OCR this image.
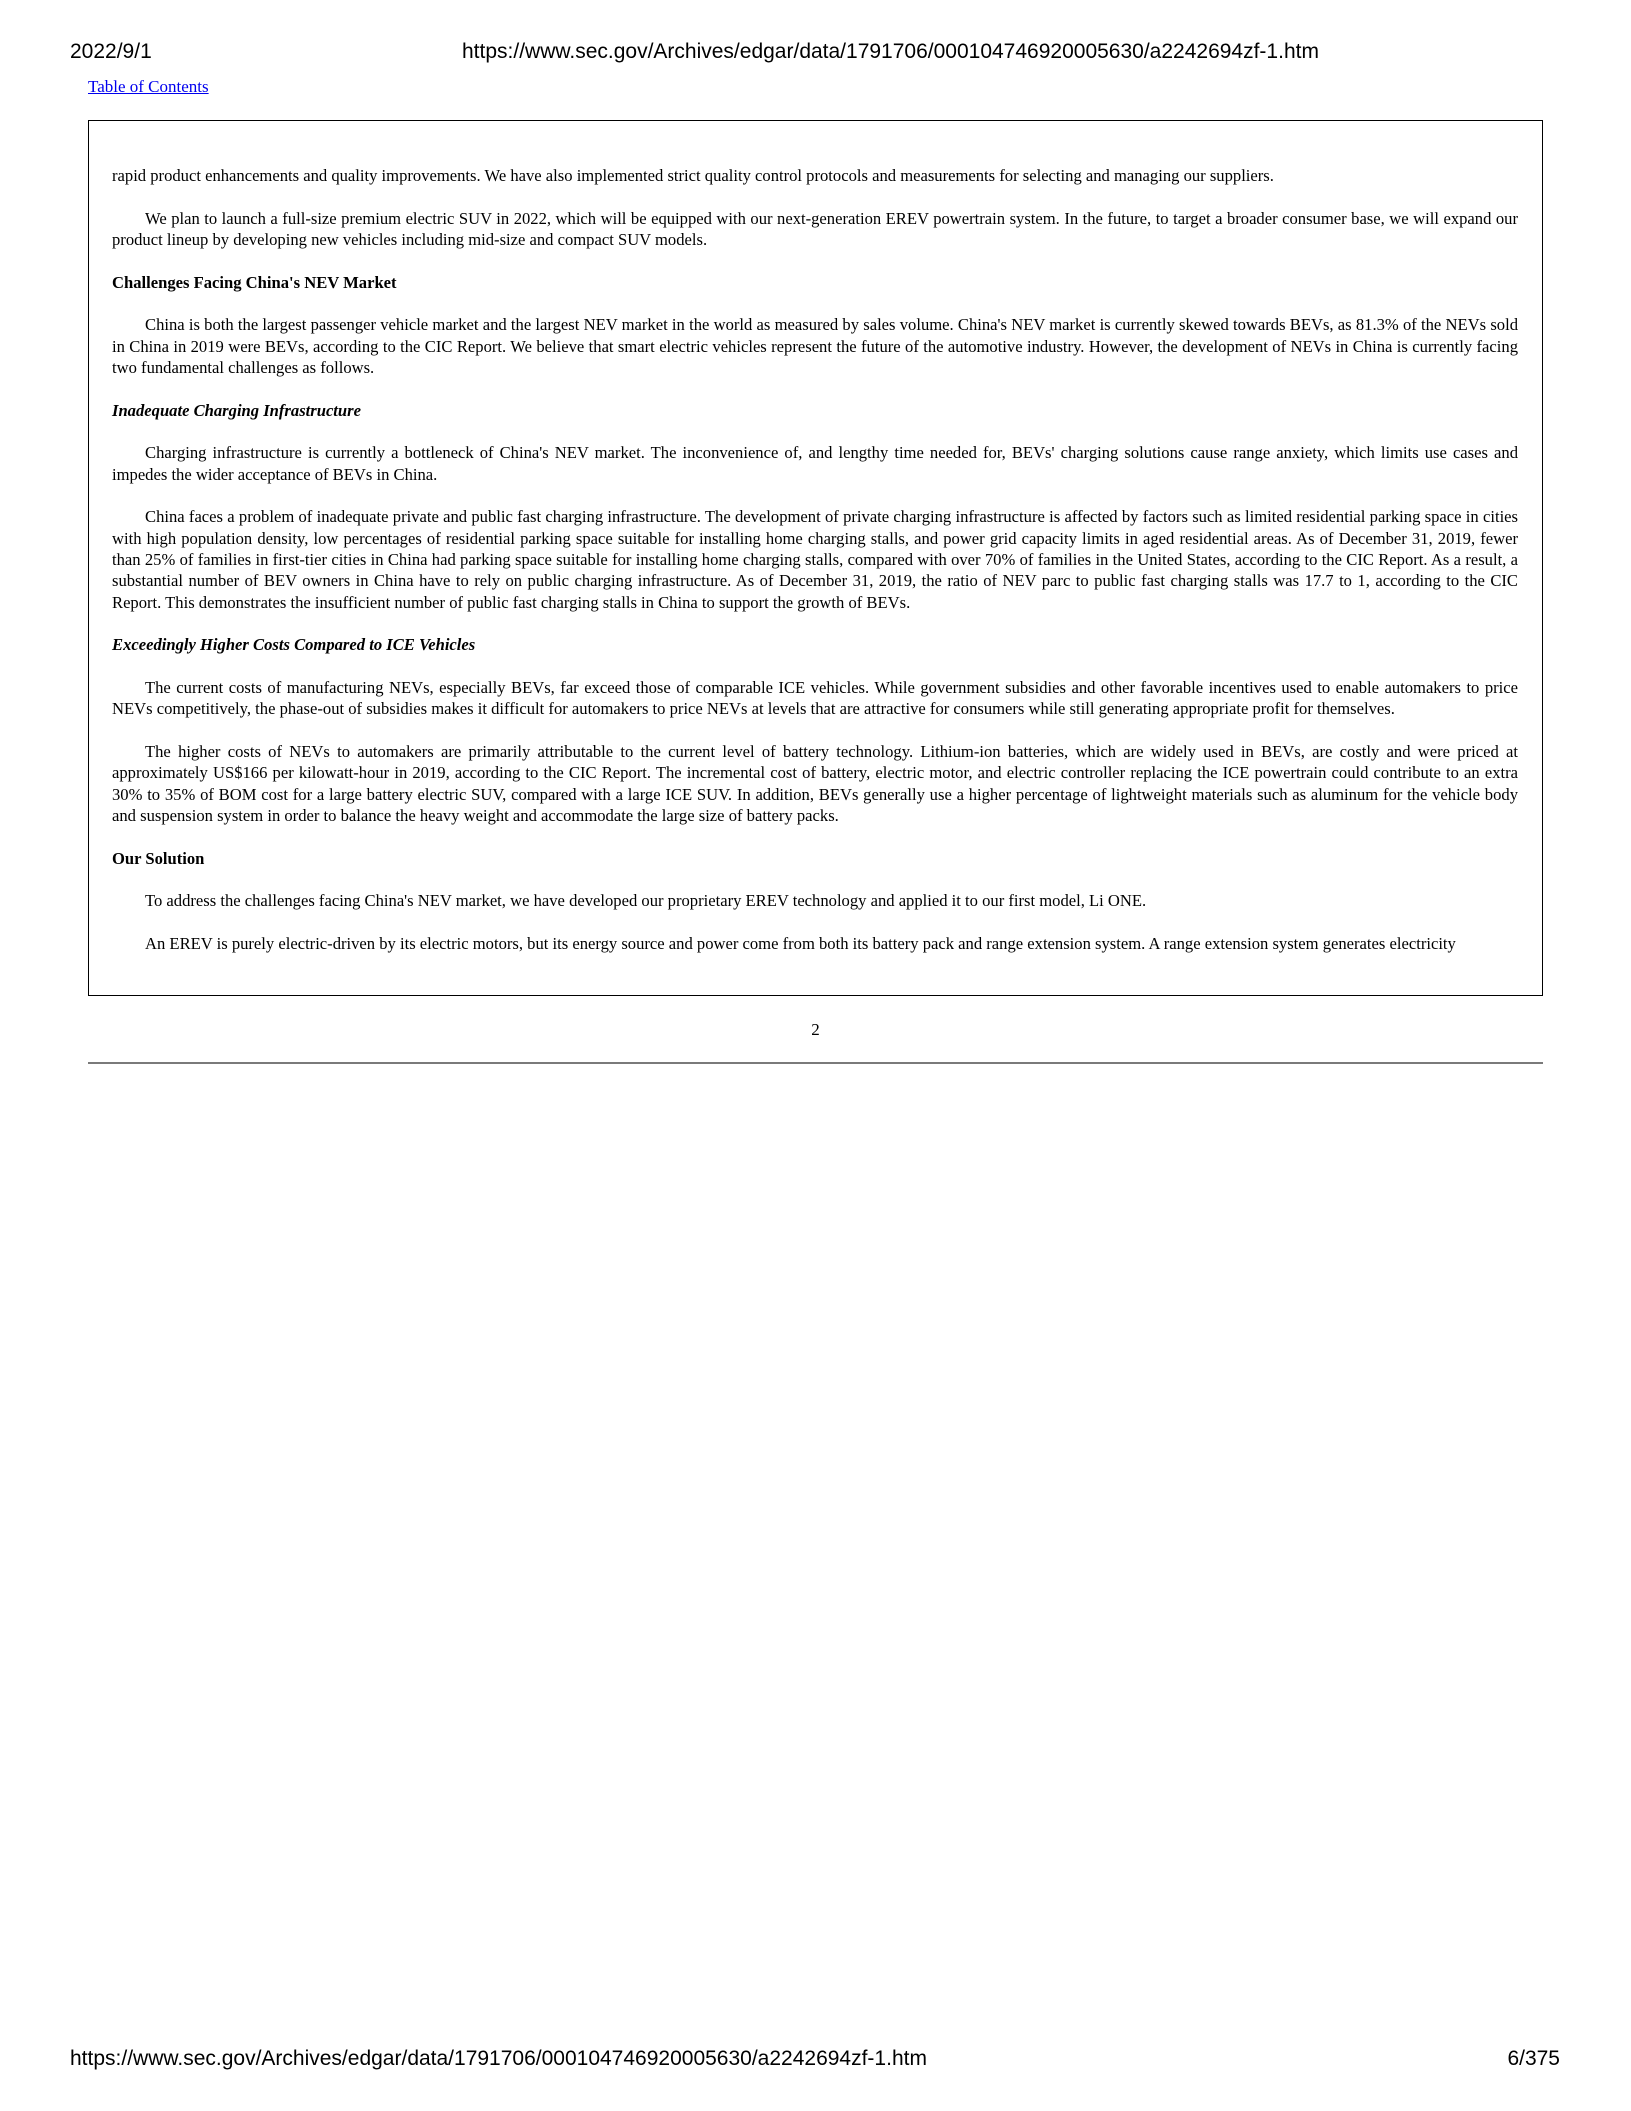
2022/9/1	https://www.sec.gov/Archives/edgar/data/1791706/000104746920005630/a2242694zf-1.htm
Table of Contents

rapid product enhancements and quality improvements. We have also implemented strict quality control protocols and measurements for selecting and managing our suppliers.

We plan to launch a full-size premium electric SUV in 2022, which will be equipped with our next-generation EREV powertrain system. In the future, to target a broader consumer base, we will expand our product lineup by developing new vehicles including mid-size and compact SUV models.

Challenges Facing China's NEV Market

China is both the largest passenger vehicle market and the largest NEV market in the world as measured by sales volume. China's NEV market is currently skewed towards BEVs, as 81.3% of the NEVs sold in China in 2019 were BEVs, according to the CIC Report. We believe that smart electric vehicles represent the future of the automotive industry. However, the development of NEVs in China is currently facing two fundamental challenges as follows.

Inadequate Charging Infrastructure

Charging infrastructure is currently a bottleneck of China's NEV market. The inconvenience of, and lengthy time needed for, BEVs' charging solutions cause range anxiety, which limits use cases and impedes the wider acceptance of BEVs in China.

China faces a problem of inadequate private and public fast charging infrastructure. The development of private charging infrastructure is affected by factors such as limited residential parking space in cities with high population density, low percentages of residential parking space suitable for installing home charging stalls, and power grid capacity limits in aged residential areas. As of December 31, 2019, fewer than 25% of families in first-tier cities in China had parking space suitable for installing home charging stalls, compared with over 70% of families in the United States, according to the CIC Report. As a result, a substantial number of BEV owners in China have to rely on public charging infrastructure. As of December 31, 2019, the ratio of NEV parc to public fast charging stalls was 17.7 to 1, according to the CIC Report. This demonstrates the insufficient number of public fast charging stalls in China to support the growth of BEVs.

Exceedingly Higher Costs Compared to ICE Vehicles

The current costs of manufacturing NEVs, especially BEVs, far exceed those of comparable ICE vehicles. While government subsidies and other favorable incentives used to enable automakers to price NEVs competitively, the phase-out of subsidies makes it difficult for automakers to price NEVs at levels that are attractive for consumers while still generating appropriate profit for themselves.

The higher costs of NEVs to automakers are primarily attributable to the current level of battery technology. Lithium-ion batteries, which are widely used in BEVs, are costly and were priced at approximately US$166 per kilowatt-hour in 2019, according to the CIC Report. The incremental cost of battery, electric motor, and electric controller replacing the ICE powertrain could contribute to an extra 30% to 35% of BOM cost for a large battery electric SUV, compared with a large ICE SUV. In addition, BEVs generally use a higher percentage of lightweight materials such as aluminum for the vehicle body and suspension system in order to balance the heavy weight and accommodate the large size of battery packs.

Our Solution

To address the challenges facing China's NEV market, we have developed our proprietary EREV technology and applied it to our first model, Li ONE.

An EREV is purely electric-driven by its electric motors, but its energy source and power come from both its battery pack and range extension system. A range extension system generates electricity

2
https://www.sec.gov/Archives/edgar/data/1791706/000104746920005630/a2242694zf-1.htm	6/375
